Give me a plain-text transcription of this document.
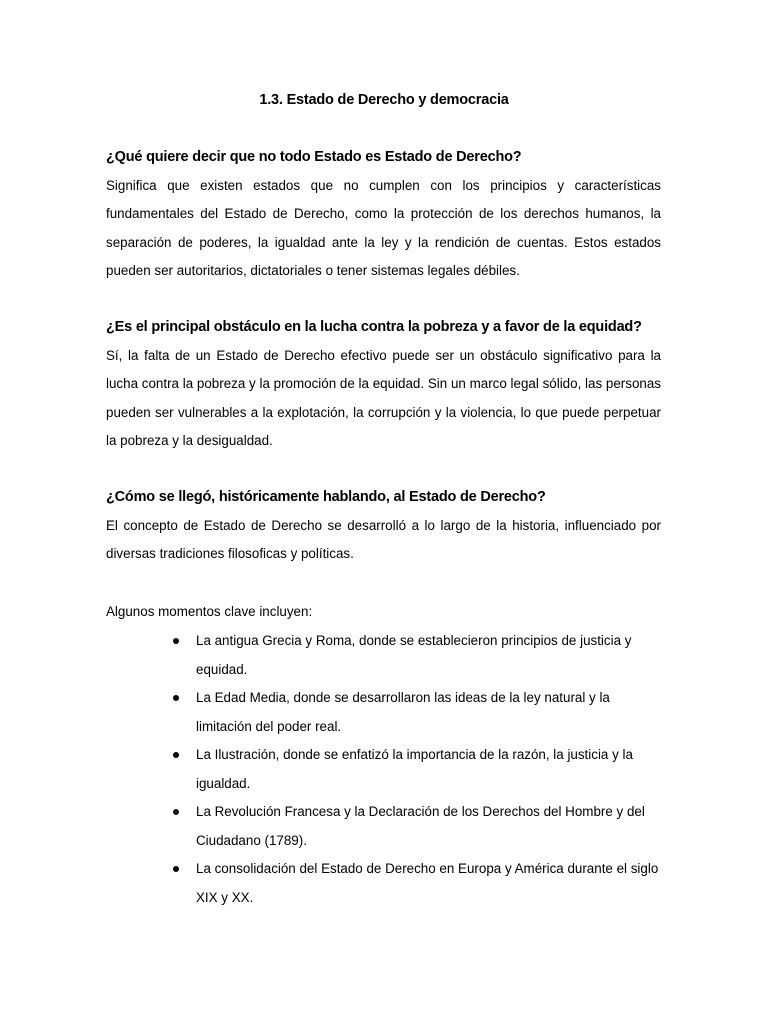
1.3. Estado de Derecho y democracia
¿Qué quiere decir que no todo Estado es Estado de Derecho?

Significa que existen estados que no cumplen con los principios y características fundamentales del Estado de Derecho, como la protección de los derechos humanos, la separación de poderes, la igualdad ante la ley y la rendición de cuentas. Estos estados pueden ser autoritarios, dictatoriales o tener sistemas legales débiles.

¿Es el principal obstáculo en la lucha contra la pobreza y a favor de la equidad?

Sí, la falta de un Estado de Derecho efectivo puede ser un obstáculo significativo para la lucha contra la pobreza y la promoción de la equidad. Sin un marco legal sólido, las personas pueden ser vulnerables a la explotación, la corrupción y la violencia, lo que puede perpetuar la pobreza y la desigualdad.

¿Cómo se llegó, históricamente hablando, al Estado de Derecho?

El concepto de Estado de Derecho se desarrolló a lo largo de la historia, influenciado por diversas tradiciones filosoficas y políticas.

Algunos momentos clave incluyen:

La antigua Grecia y Roma, donde se establecieron principios de justicia y equidad.
La Edad Media, donde se desarrollaron las ideas de la ley natural y la limitación del poder real.
La Ilustración, donde se enfatizó la importancia de la razón, la justicia y la igualdad.
La Revolución Francesa y la Declaración de los Derechos del Hombre y del Ciudadano (1789).
La consolidación del Estado de Derecho en Europa y América durante el siglo XIX y XX.
